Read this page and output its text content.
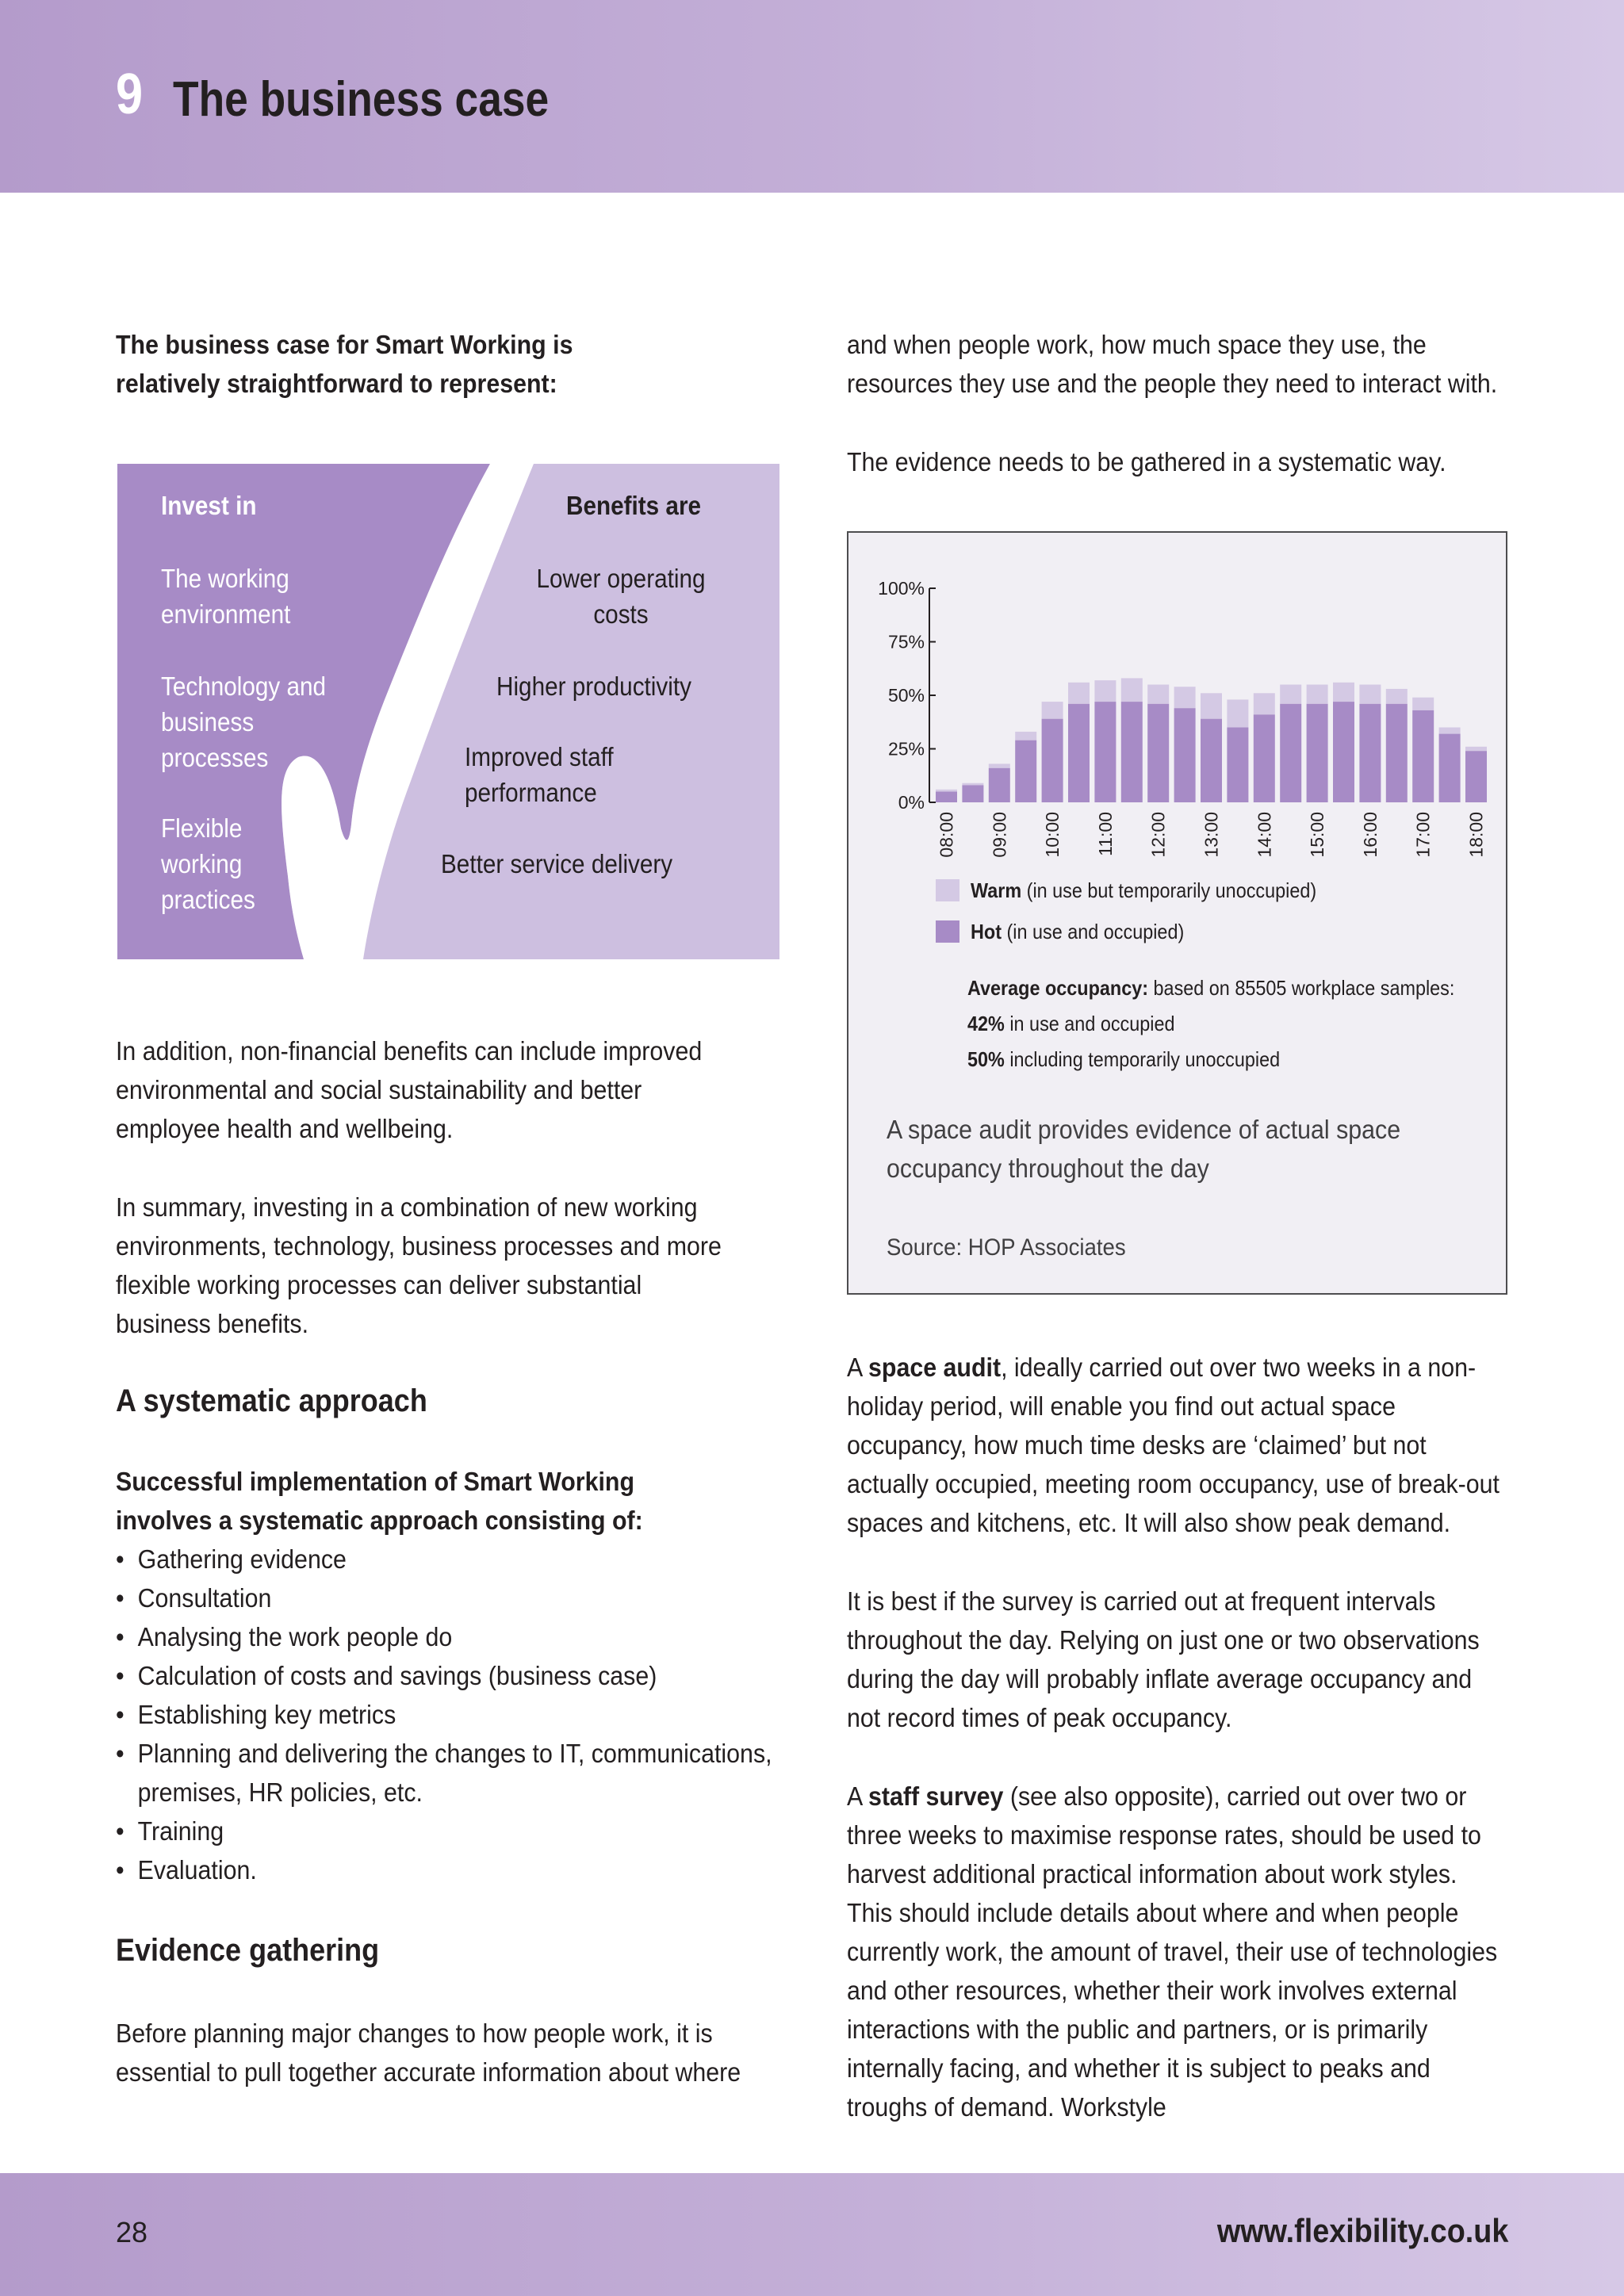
9 The business case
The business case for Smart Working is relatively straightforward to represent:
Invest in
The working environment
Technology and business processes
Flexible working practices
Benefits are
Lower operating costs
Higher productivity
Improved staff performance
Better service delivery
In addition, non-financial benefits can include improved environmental and social sustainability and better employee health and wellbeing.
In summary, investing in a combination of new working environments, technology, business processes and more flexible working processes can deliver substantial business benefits.
A systematic approach
Successful implementation of Smart Working involves a systematic approach consisting of:
• Gathering evidence
• Consultation
• Analysing the work people do
• Calculation of costs and savings (business case)
• Establishing key metrics
• Planning and delivering the changes to IT, communications, premises, HR policies, etc.
• Training
• Evaluation.
Evidence gathering
Before planning major changes to how people work, it is essential to pull together accurate information about where
and when people work, how much space they use, the resources they use and the people they need to interact with.
The evidence needs to be gathered in a systematic way.
0%
25%
50%
75%
100%
08:00 09:00 10:00 11:00 12:00 13:00 14:00 15:00 16:00 17:00 18:00
Warm (in use but temporarily unoccupied)
Hot (in use and occupied)
Average occupancy: based on 85505 workplace samples:
42% in use and occupied
50% including temporarily unoccupied
A space audit provides evidence of actual space
occupancy throughout the day
Source: HOP Associates
A space audit, ideally carried out over two weeks in a non-holiday period, will enable you find out actual space occupancy, how much time desks are ‘claimed’ but not actually occupied, meeting room occupancy, use of break-out spaces and kitchens, etc. It will also show peak demand.
It is best if the survey is carried out at frequent intervals throughout the day. Relying on just one or two observations during the day will probably inflate average occupancy and not record times of peak occupancy.
A staff survey (see also opposite), carried out over two or three weeks to maximise response rates, should be used to harvest additional practical information about work styles. This should include details about where and when people currently work, the amount of travel, their use of technologies and other resources, whether their work involves external interactions with the public and partners, or is primarily internally facing, and whether it is subject to peaks and troughs of demand. Workstyle
28	www.flexibility.co.uk
